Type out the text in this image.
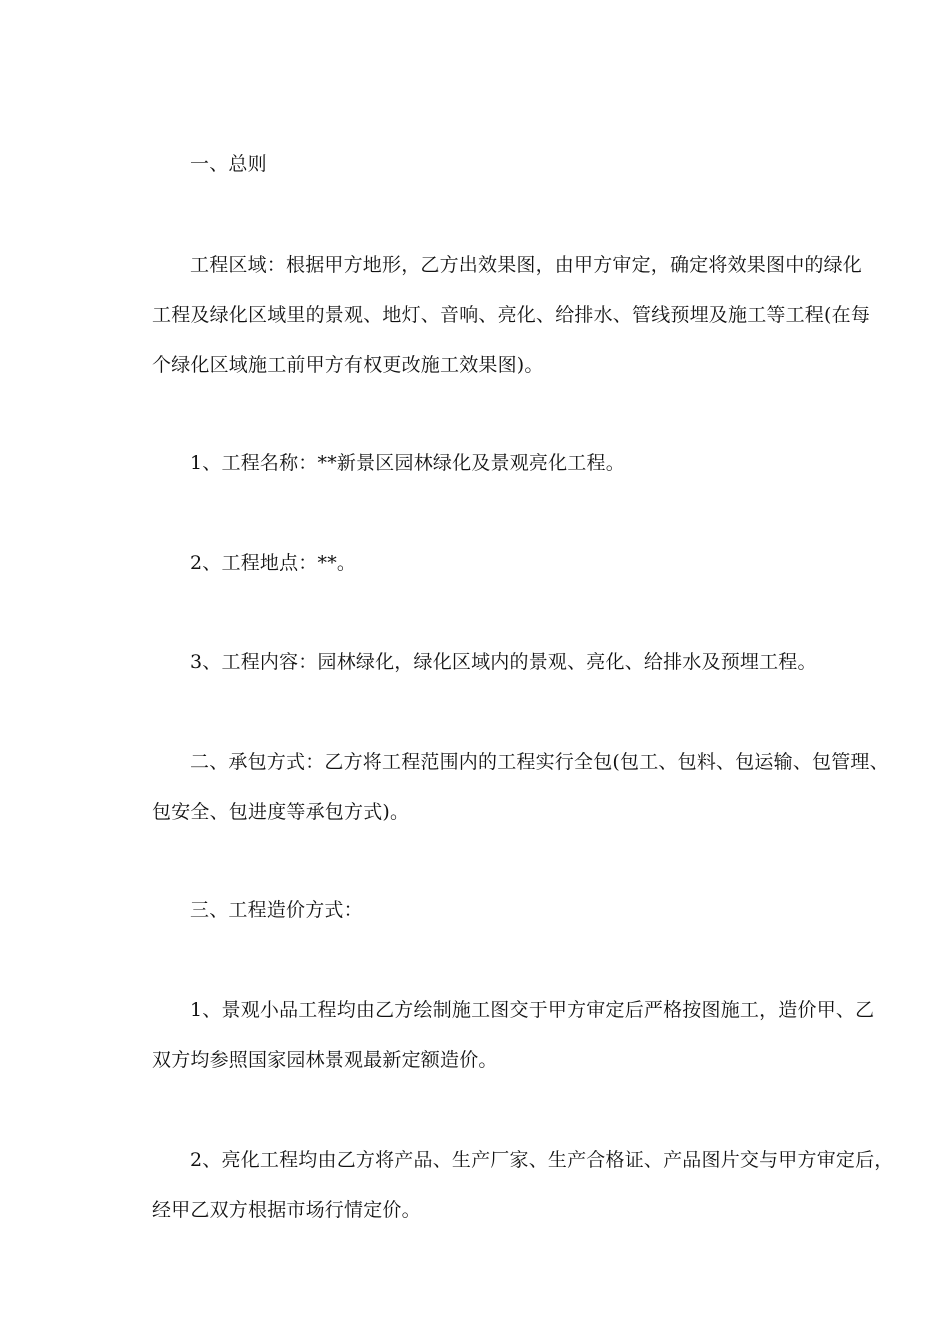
一、总则
工程区域：根据甲方地形，乙方出效果图，由甲方审定，确定将效果图中的绿化
工程及绿化区域里的景观、地灯、音响、亮化、给排水、管线预埋及施工等工程(在每
个绿化区域施工前甲方有权更改施工效果图)。
1、工程名称：**新景区园林绿化及景观亮化工程。
2、工程地点：**。
3、工程内容：园林绿化，绿化区域内的景观、亮化、给排水及预埋工程。
二、承包方式：乙方将工程范围内的工程实行全包(包工、包料、包运输、包管理、
包安全、包进度等承包方式)。
三、工程造价方式：
1、景观小品工程均由乙方绘制施工图交于甲方审定后严格按图施工，造价甲、乙
双方均参照国家园林景观最新定额造价。
2、亮化工程均由乙方将产品、生产厂家、生产合格证、产品图片交与甲方审定后，
经甲乙双方根据市场行情定价。
